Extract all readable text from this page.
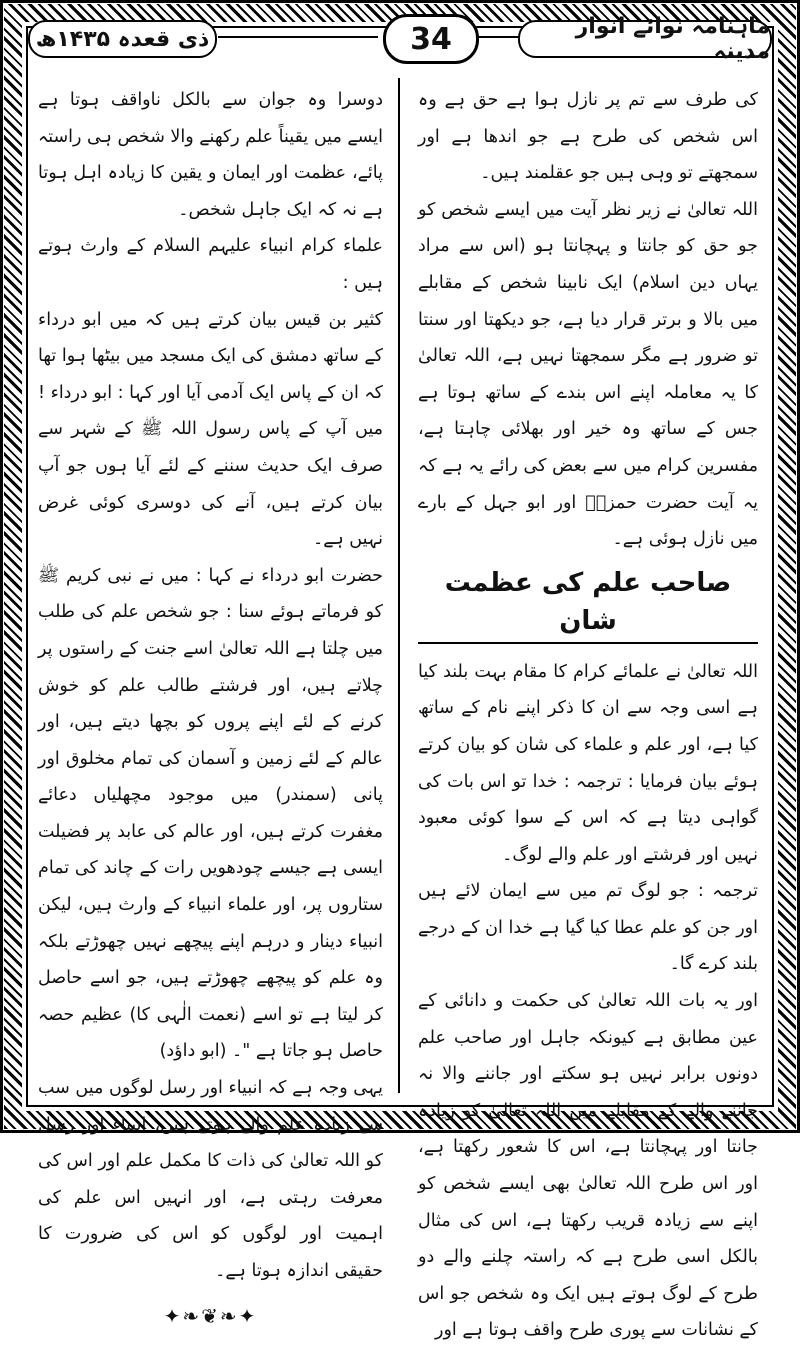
ماہنامہ نوائے انوار مدینہ
34
ذی قعدہ ۱۴۳۵ھ

کی طرف سے تم پر نازل ہوا ہے حق ہے وہ اس شخص کی طرح ہے جو اندھا ہے اور سمجھتے تو وہی ہیں جو عقلمند ہیں۔

اللہ تعالیٰ نے زیر نظر آیت میں ایسے شخص کو جو حق کو جانتا و پہچانتا ہو (اس سے مراد یہاں دین اسلام) ایک نابینا شخص کے مقابلے میں بالا و برتر قرار دیا ہے، جو دیکھتا اور سنتا تو ضرور ہے مگر سمجھتا نہیں ہے، اللہ تعالیٰ کا یہ معاملہ اپنے اس بندے کے ساتھ ہوتا ہے جس کے ساتھ وہ خیر اور بھلائی چاہتا ہے، مفسرین کرام میں سے بعض کی رائے یہ ہے کہ یہ آیت حضرت حمزہؓ اور ابو جہل کے بارے میں نازل ہوئی ہے۔

صاحب علم کی عظمت شان

اللہ تعالیٰ نے علمائے کرام کا مقام بہت بلند کیا ہے اسی وجہ سے ان کا ذکر اپنے نام کے ساتھ کیا ہے، اور علم و علماء کی شان کو بیان کرتے ہوئے بیان فرمایا : ترجمہ : خدا تو اس بات کی گواہی دیتا ہے کہ اس کے سوا کوئی معبود نہیں اور فرشتے اور علم والے لوگ۔

ترجمہ : جو لوگ تم میں سے ایمان لائے ہیں اور جن کو علم عطا کیا گیا ہے خدا ان کے درجے بلند کرے گا۔

اور یہ بات اللہ تعالیٰ کی حکمت و دانائی کے عین مطابق ہے کیونکہ جاہل اور صاحب علم دونوں برابر نہیں ہو سکتے اور جاننے والا نہ جاننے والے کے مقابلے میں اللہ تعالیٰ کو زیادہ جانتا اور پہچانتا ہے، اس کا شعور رکھتا ہے، اور اس طرح اللہ تعالیٰ بھی ایسے شخص کو اپنے سے زیادہ قریب رکھتا ہے، اس کی مثال بالکل اسی طرح ہے کہ راستہ چلنے والے دو طرح کے لوگ ہوتے ہیں ایک وہ شخص جو اس کے نشانات سے پوری طرح واقف ہوتا ہے اور

دوسرا وہ جوان سے بالکل ناواقف ہوتا ہے ایسے میں یقیناً علم رکھنے والا شخص ہی راستہ پائے، عظمت اور ایمان و یقین کا زیادہ اہل ہوتا ہے نہ کہ ایک جاہل شخص۔

علماء کرام انبیاء علیہم السلام کے وارث ہوتے ہیں :

کثیر بن قیس بیان کرتے ہیں کہ میں ابو درداء کے ساتھ دمشق کی ایک مسجد میں بیٹھا ہوا تھا کہ ان کے پاس ایک آدمی آیا اور کہا : ابو درداء ! میں آپ کے پاس رسول اللہ ﷺ کے شہر سے صرف ایک حدیث سننے کے لئے آیا ہوں جو آپ بیان کرتے ہیں، آنے کی دوسری کوئی غرض نہیں ہے۔

حضرت ابو درداء نے کہا : میں نے نبی کریم ﷺ کو فرماتے ہوئے سنا : جو شخص علم کی طلب میں چلتا ہے اللہ تعالیٰ اسے جنت کے راستوں پر چلاتے ہیں، اور فرشتے طالب علم کو خوش کرنے کے لئے اپنے پروں کو بچھا دیتے ہیں، اور عالم کے لئے زمین و آسمان کی تمام مخلوق اور پانی (سمندر) میں موجود مچھلیاں دعائے مغفرت کرتے ہیں، اور عالم کی عابد پر فضیلت ایسی ہے جیسے چودھویں رات کے چاند کی تمام ستاروں پر، اور علماء انبیاء کے وارث ہیں، لیکن انبیاء دینار و درہم اپنے پیچھے نہیں چھوڑتے بلکہ وہ علم کو پیچھے چھوڑتے ہیں، جو اسے حاصل کر لیتا ہے تو اسے (نعمت الٰہی کا) عظیم حصہ حاصل ہو جاتا ہے "۔ (ابو داؤد)

یہی وجہ ہے کہ انبیاء اور رسل لوگوں میں سب سے زیادہ علم والے ہوتے ہیں، انبیاء اور رسل کو اللہ تعالیٰ کی ذات کا مکمل علم اور اس کی معرفت رہتی ہے، اور انہیں اس علم کی اہمیت اور لوگوں کو اس کی ضرورت کا حقیقی اندازہ ہوتا ہے۔

✦❧❦❧✦
